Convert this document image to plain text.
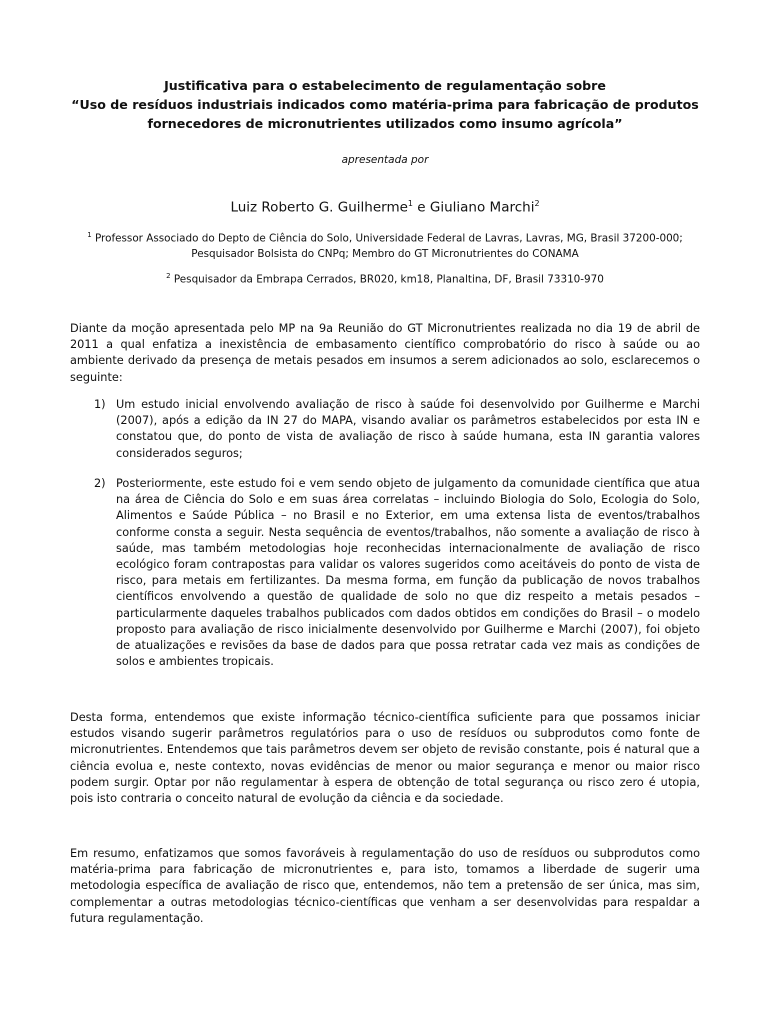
Justificativa para o estabelecimento de regulamentação sobre
“Uso de resíduos industriais indicados como matéria-prima para fabricação de produtos
fornecedores de micronutrientes utilizados como insumo agrícola”
apresentada por
Luiz Roberto G. Guilherme$^1$ e Giuliano Marchi$^2$
$^1$ Professor Associado do Depto de Ciência do Solo, Universidade Federal de Lavras, Lavras, MG, Brasil 37200-000;
Pesquisador Bolsista do CNPq; Membro do GT Micronutrientes do CONAMA
$^2$ Pesquisador da Embrapa Cerrados, BR020, km18, Planaltina, DF, Brasil 73310-970
Diante da moção apresentada pelo MP na 9a Reunião do GT Micronutrientes realizada no dia 19 de abril de 2011 a qual enfatiza a inexistência de embasamento científico comprobatório do risco à saúde ou ao ambiente derivado da presença de metais pesados em insumos a serem adicionados ao solo, esclarecemos o seguinte:
1) Um estudo inicial envolvendo avaliação de risco à saúde foi desenvolvido por Guilherme e Marchi (2007), após a edição da IN 27 do MAPA, visando avaliar os parâmetros estabelecidos por esta IN e constatou que, do ponto de vista de avaliação de risco à saúde humana, esta IN garantia valores considerados seguros;
2) Posteriormente, este estudo foi e vem sendo objeto de julgamento da comunidade científica que atua na área de Ciência do Solo e em suas área correlatas – incluindo Biologia do Solo, Ecologia do Solo, Alimentos e Saúde Pública – no Brasil e no Exterior, em uma extensa lista de eventos/trabalhos conforme consta a seguir. Nesta sequência de eventos/trabalhos, não somente a avaliação de risco à saúde, mas também metodologias hoje reconhecidas internacionalmente de avaliação de risco ecológico foram contrapostas para validar os valores sugeridos como aceitáveis do ponto de vista de risco, para metais em fertilizantes. Da mesma forma, em função da publicação de novos trabalhos científicos envolvendo a questão de qualidade de solo no que diz respeito a metais pesados – particularmente daqueles trabalhos publicados com dados obtidos em condições do Brasil – o modelo proposto para avaliação de risco inicialmente desenvolvido por Guilherme e Marchi (2007), foi objeto de atualizações e revisões da base de dados para que possa retratar cada vez mais as condições de solos e ambientes tropicais.
Desta forma, entendemos que existe informação técnico-científica suficiente para que possamos iniciar estudos visando sugerir parâmetros regulatórios para o uso de resíduos ou subprodutos como fonte de micronutrientes. Entendemos que tais parâmetros devem ser objeto de revisão constante, pois é natural que a ciência evolua e, neste contexto, novas evidências de menor ou maior segurança e menor ou maior risco podem surgir. Optar por não regulamentar à espera de obtenção de total segurança ou risco zero é utopia, pois isto contraria o conceito natural de evolução da ciência e da sociedade.
Em resumo, enfatizamos que somos favoráveis à regulamentação do uso de resíduos ou subprodutos como matéria-prima para fabricação de micronutrientes e, para isto, tomamos a liberdade de sugerir uma metodologia específica de avaliação de risco que, entendemos, não tem a pretensão de ser única, mas sim, complementar a outras metodologias técnico-científicas que venham a ser desenvolvidas para respaldar a futura regulamentação.
